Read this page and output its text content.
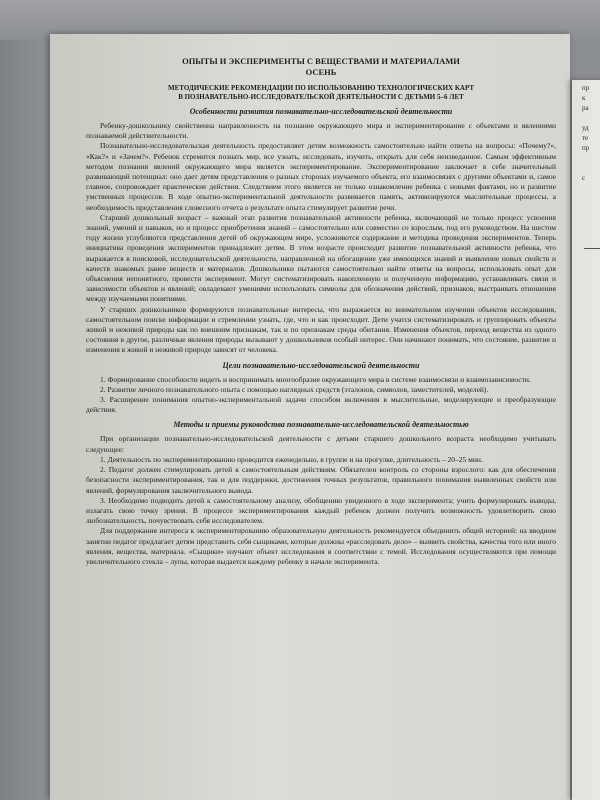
ОПЫТЫ И ЭКСПЕРИМЕНТЫ С ВЕЩЕСТВАМИ И МАТЕРИАЛАМИ

ОСЕНЬ

МЕТОДИЧЕСКИЕ РЕКОМЕНДАЦИИ ПО ИСПОЛЬЗОВАНИЮ ТЕХНОЛОГИЧЕСКИХ КАРТ

В ПОЗНАВАТЕЛЬНО-ИССЛЕДОВАТЕЛЬСКОЙ ДЕЯТЕЛЬНОСТИ С ДЕТЬМИ 5–6 ЛЕТ

Особенности развития познавательно-исследовательской деятельности

Ребенку-дошкольнику свойственна направленность на познание окружающего мира и экспериментирование с объектами и явлениями познаваемой действительности.

Познавательно-исследовательская деятельность предоставляет детям возможность самостоятельно найти ответы на вопросы: «Почему?», «Как?» и «Зачем?». Ребенок стремится познать мир, все узнать, исследовать, изучить, открыть для себя неизведанное. Самым эффективным методом познания явлений окружающего мира является экспериментирование. Экспериментирование заключает в себе значительный развивающий потенциал: оно дает детям представления о разных сторонах изучаемого объекта, его взаимосвязях с другими объектами и, самое главное, сопровождает практические действия. Следствием этого является не только ознакомление ребенка с новыми фактами, но и развитие умственных процессов. В ходе опытно-экспериментальной деятельности развивается память, активизируются мыслительные процессы, а необходимость представления словесного отчета о результате опыта стимулирует развитие речи.

Старший дошкольный возраст – важный этап развития познавательной активности ребенка, включающий не только процесс усвоения знаний, умений и навыков, но и процесс приобретения знаний – самостоятельно или совместно со взрослым, под его руководством. На шестом году жизни углубляются представления детей об окружающем мире, усложняются содержание и методика проведения экспериментов. Теперь инициатива проведения экспериментов принадлежит детям. В этом возрасте происходит развитие познавательной активности ребенка, что выражается в поисковой, исследовательской деятельности, направленной на обогащение уже имеющихся знаний и выявление новых свойств и качеств знакомых ранее веществ и материалов. Дошкольники пытаются самостоятельно найти ответы на вопросы, использовать опыт для объяснения непонятного, провести эксперимент. Могут систематизировать накопленную и полученную информацию, устанавливать связи и зависимости объектов и явлений; овладевают умениями использовать символы для обозначения действий, признаков, выстраивать отношения между изучаемыми понятиями.

У старших дошкольников формируются познавательные интересы, что выражается во внимательном изучении объектов исследования, самостоятельном поиске информации и стремлении узнать, где, что и как происходит. Дети учатся систематизировать и группировать объекты живой и неживой природы как по внешним признакам, так и по признакам среды обитания. Изменения объектов, переход вещества из одного состояния в другое, различные явления природы вызывают у дошкольников особый интерес. Они начинают понимать, что состояние, развитие и изменения в живой и неживой природе зависят от человека.

Цели познавательно-исследовательской деятельности

1. Формирование способности видеть и воспринимать многообразие окружающего мира в системе взаимосвязи и взаимозависимости.

2. Развитие личного познавательного опыта с помощью наглядных средств (эталонов, символов, заместителей, моделей).

3. Расширение понимания опытно-экспериментальной задачи способом включения в мыслительные, моделирующие и преобразующие действия.

Методы и приемы руководства познавательно-исследовательской деятельностью

При организации познавательно-исследовательской деятельности с детьми старшего дошкольного возраста необходимо учитывать следующее:

1. Деятельность по экспериментированию проводится еженедельно, в группе и на прогулке, длительность – 20–25 мин.

2. Педагог должен стимулировать детей к самостоятельным действиям. Обязателен контроль со стороны взрослого: как для обеспечения безопасности экспериментирования, так и для поддержки, достижения точных результатов, правильного понимания выявленных свойств или явлений, формулирования заключительного вывода.

3. Необходимо подводить детей к самостоятельному анализу, обобщению увиденного в ходе эксперимента; учить формулировать выводы, излагать свою точку зрения. В процессе экспериментирования каждый ребенок должен получить возможность удовлетворить свою любознательность, почувствовать себя исследователем.

Для поддержания интереса к экспериментированию образовательную деятельность рекомендуется объединить общей историей: на вводном занятии педагог предлагает детям представить себя сыщиками, которые должны «расследовать дело» – выявить свойства, качества того или иного явления, вещества, материала. «Сыщики» изучают объект исследования в соответствии с темой. Исследования осуществляются при помощи увеличительного стекла – лупы, которая выдается каждому ребенку в начале эксперимента.

пр
к
ра
уд
те
пр
с
